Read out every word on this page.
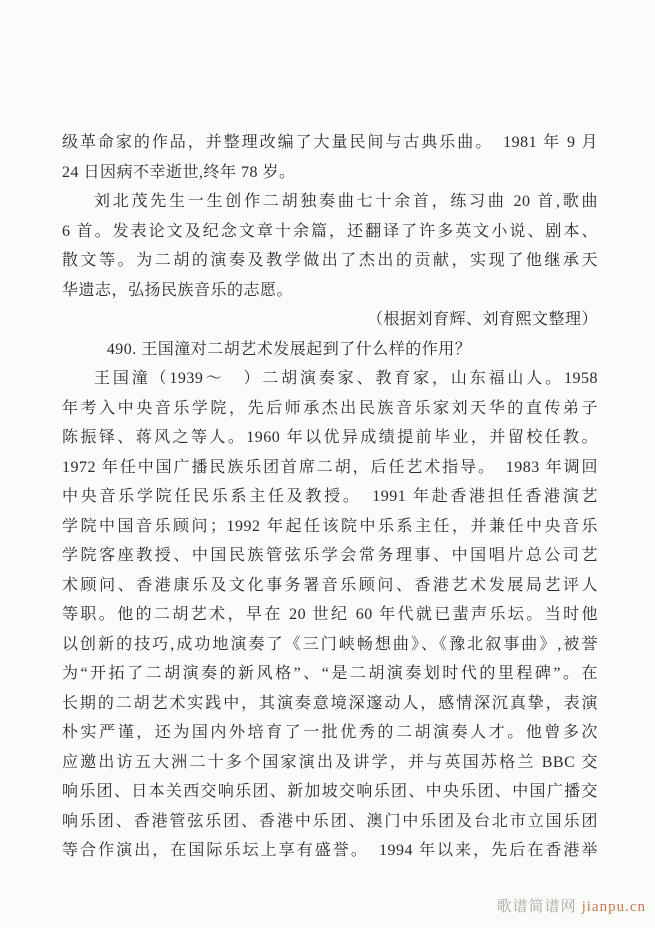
级革命家的作品，并整理改编了大量民间与古典乐曲。　1981 年 9 月
24 日因病不幸逝世,终年 78 岁。
刘北茂先生一生创作二胡独奏曲七十余首，练习曲 20 首,歌曲
6 首。发表论文及纪念文章十余篇，还翻译了许多英文小说、剧本、
散文等。为二胡的演奏及教学做出了杰出的贡献，实现了他继承天
华遗志，弘扬民族音乐的志愿。
（根据刘育辉、刘育熙文整理）
490. 王国潼对二胡艺术发展起到了什么样的作用？
王国潼（1939～　）二胡演奏家、教育家，山东福山人。1958
年考入中央音乐学院，先后师承杰出民族音乐家刘天华的直传弟子
陈振铎、蒋风之等人。1960 年以优异成绩提前毕业，并留校任教。
1972 年任中国广播民族乐团首席二胡，后任艺术指导。　1983 年调回
中央音乐学院任民乐系主任及教授。　1991 年赴香港担任香港演艺
学院中国音乐顾问；1992 年起任该院中乐系主任，并兼任中央音乐
学院客座教授、中国民族管弦乐学会常务理事、中国唱片总公司艺
术顾问、香港康乐及文化事务署音乐顾问、香港艺术发展局艺评人
等职。他的二胡艺术，早在 20 世纪 60 年代就已蜚声乐坛。当时他
以创新的技巧,成功地演奏了《三门峡畅想曲》、《豫北叙事曲》,被誉
为“开拓了二胡演奏的新风格”、“是二胡演奏划时代的里程碑”。在
长期的二胡艺术实践中，其演奏意境深邃动人，感情深沉真挚，表演
朴实严谨，还为国内外培育了一批优秀的二胡演奏人才。他曾多次
应邀出访五大洲二十多个国家演出及讲学，并与英国苏格兰 BBC 交
响乐团、日本关西交响乐团、新加坡交响乐团、中央乐团、中国广播交
响乐团、香港管弦乐团、香港中乐团、澳门中乐团及台北市立国乐团
等合作演出，在国际乐坛上享有盛誉。　1994 年以来，先后在香港举
歌谱简谱网 jianpu.cn
